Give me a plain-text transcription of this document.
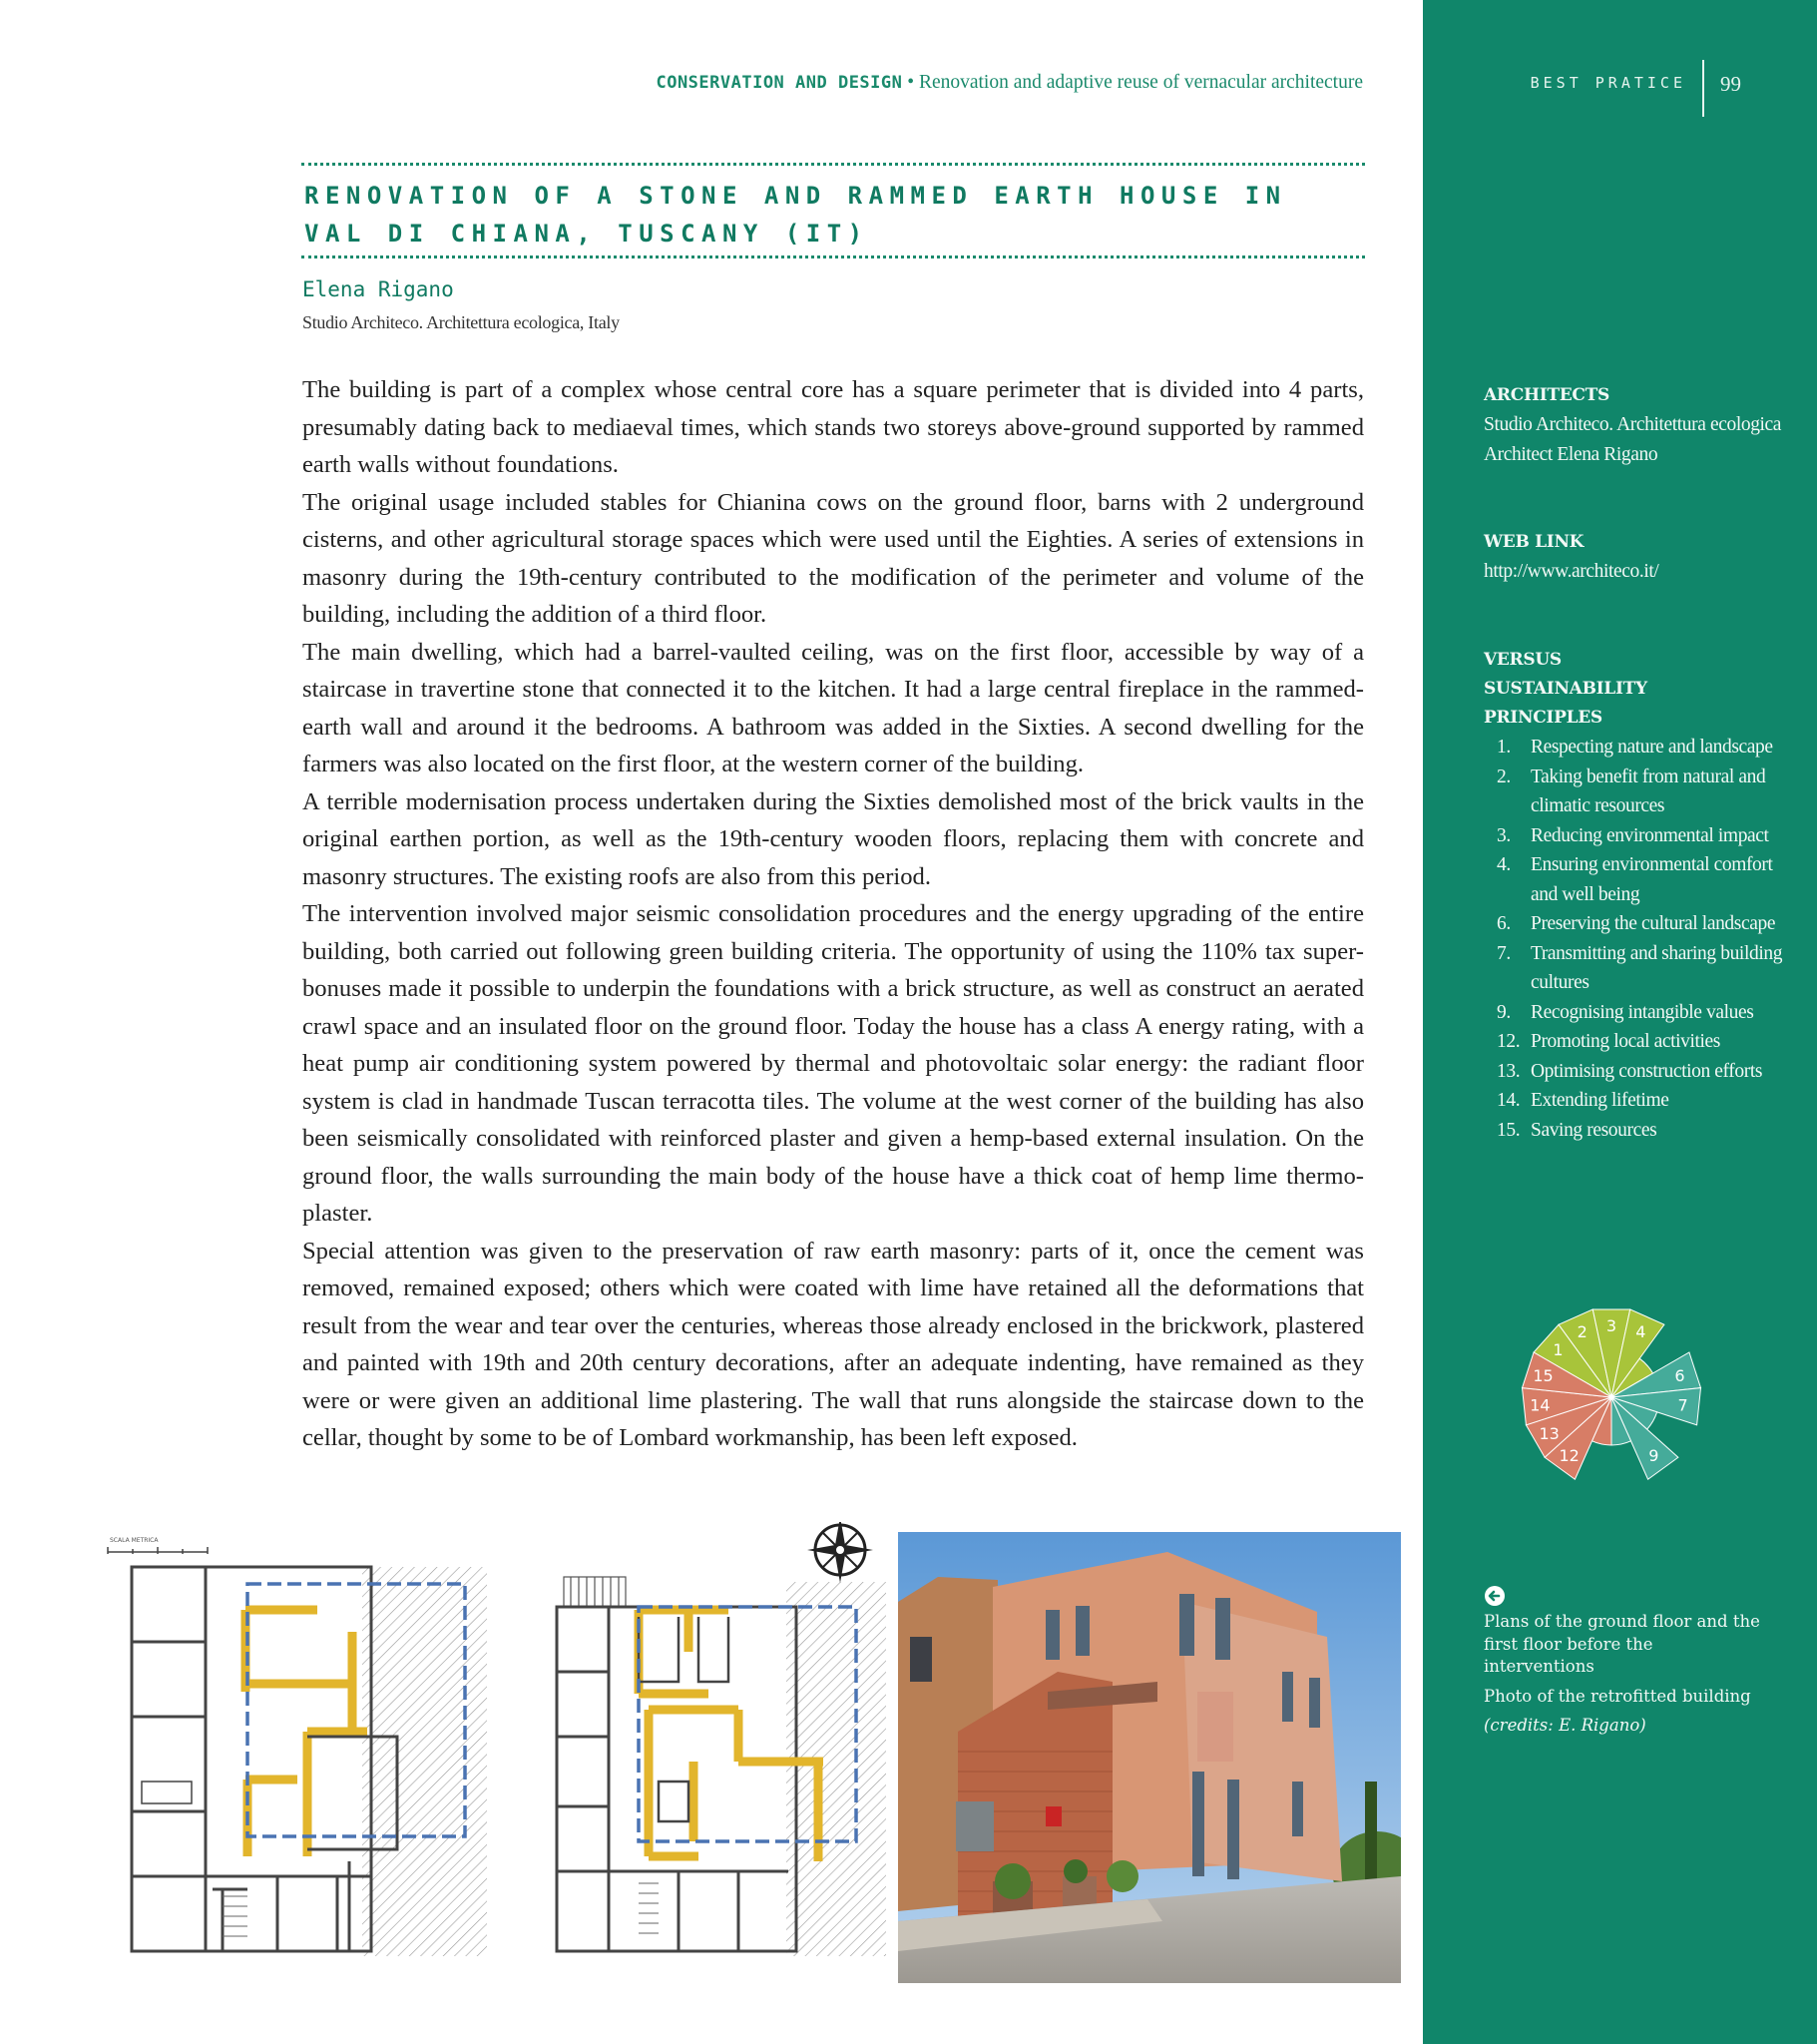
CONSERVATION AND DESIGN • Renovation and adaptive reuse of vernacular architecture	BEST PRATICE 99
RENOVATION OF A STONE AND RAMMED EARTH HOUSE IN VAL DI CHIANA, TUSCANY (IT)
Elena Rigano
Studio Architeco. Architettura ecologica, Italy

The building is part of a complex whose central core has a square perimeter that is divided into 4 parts, presumably dating back to mediaeval times, which stands two storeys above-ground supported by rammed earth walls without foundations.

The original usage included stables for Chianina cows on the ground floor, barns with 2 underground cisterns, and other agricultural storage spaces which were used until the Eighties. A series of extensions in masonry during the 19th-century contributed to the modification of the perimeter and volume of the building, including the addition of a third floor.

The main dwelling, which had a barrel-vaulted ceiling, was on the first floor, accessible by way of a staircase in travertine stone that connected it to the kitchen. It had a large central fireplace in the rammed-earth wall and around it the bedrooms. A bathroom was added in the Sixties. A second dwelling for the farmers was also located on the first floor, at the western corner of the building.

A terrible modernisation process undertaken during the Sixties demolished most of the brick vaults in the original earthen portion, as well as the 19th-century wooden floors, replacing them with concrete and masonry structures. The existing roofs are also from this period.

The intervention involved major seismic consolidation procedures and the energy upgrading of the entire building, both carried out following green building criteria. The opportunity of using the 110% tax super-bonuses made it possible to underpin the foundations with a brick structure, as well as construct an aerated crawl space and an insulated floor on the ground floor. Today the house has a class A energy rating, with a heat pump air conditioning system powered by thermal and photovoltaic solar energy: the radiant floor system is clad in handmade Tuscan terracotta tiles. The volume at the west corner of the building has also been seismically consolidated with reinforced plaster and given a hemp-based external insulation. On the ground floor, the walls surrounding the main body of the house have a thick coat of hemp lime thermo-plaster.

Special attention was given to the preservation of raw earth masonry: parts of it, once the cement was removed, remained exposed; others which were coated with lime have retained all the deformations that result from the wear and tear over the centuries, whereas those already enclosed in the brickwork, plastered and painted with 19th and 20th century decorations, after an adequate indenting, have remained as they were or were given an additional lime plastering. The wall that runs alongside the staircase down to the cellar, thought by some to be of Lombard workmanship, has been left exposed.

ARCHITECTS
Studio Architeco. Architettura ecologica
Architect Elena Rigano
WEB LINK
http://www.architeco.it/
VERSUS SUSTAINABILITY PRINCIPLES
1. Respecting nature and landscape
2. Taking benefit from natural and climatic resources
3. Reducing environmental impact
4. Ensuring environmental comfort and well being
6. Preserving the cultural landscape
7. Transmitting and sharing building cultures
9. Recognising intangible values
12. Promoting local activities
13. Optimising construction efforts
14. Extending lifetime
15. Saving resources
1
2 3 4
6
7
9
12
13
14
15

Plans of the ground floor and the first floor before the interventions

Photo of the retrofitted building

(credits: E. Rigano)

SCALA METRICA
